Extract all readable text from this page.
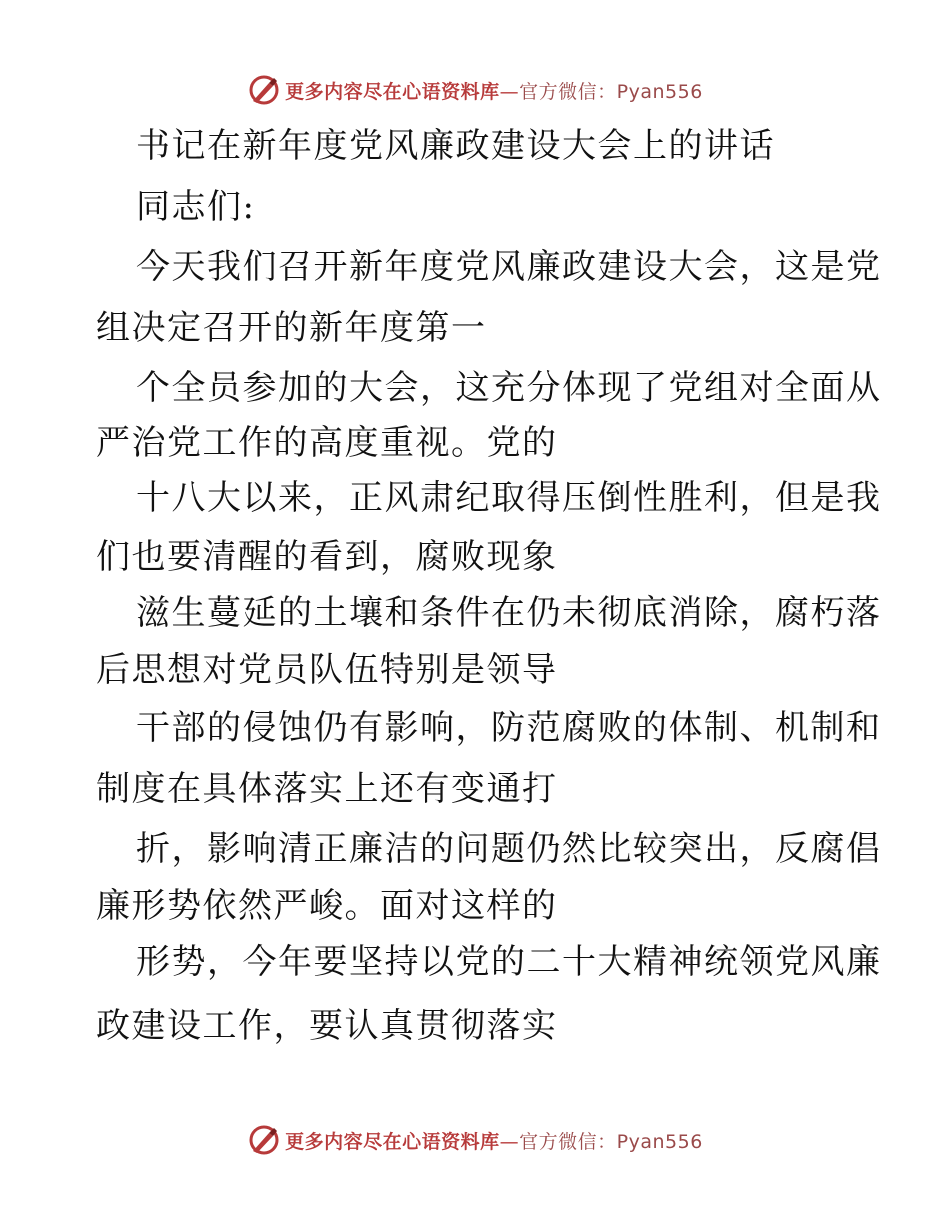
更多内容尽在心语资料库—官方微信：Pyan556
书记在新年度党风廉政建设大会上的讲话
同志们:
今天我们召开新年度党风廉政建设大会，这是党
组决定召开的新年度第一
个全员参加的大会，这充分体现了党组对全面从
严治党工作的高度重视。党的
十八大以来，正风肃纪取得压倒性胜利，但是我
们也要清醒的看到，腐败现象
滋生蔓延的土壤和条件在仍未彻底消除，腐朽落
后思想对党员队伍特别是领导
干部的侵蚀仍有影响，防范腐败的体制、机制和
制度在具体落实上还有变通打
折，影响清正廉洁的问题仍然比较突出，反腐倡
廉形势依然严峻。面对这样的
形势，今年要坚持以党的二十大精神统领党风廉
政建设工作，要认真贯彻落实
更多内容尽在心语资料库—官方微信：Pyan556
